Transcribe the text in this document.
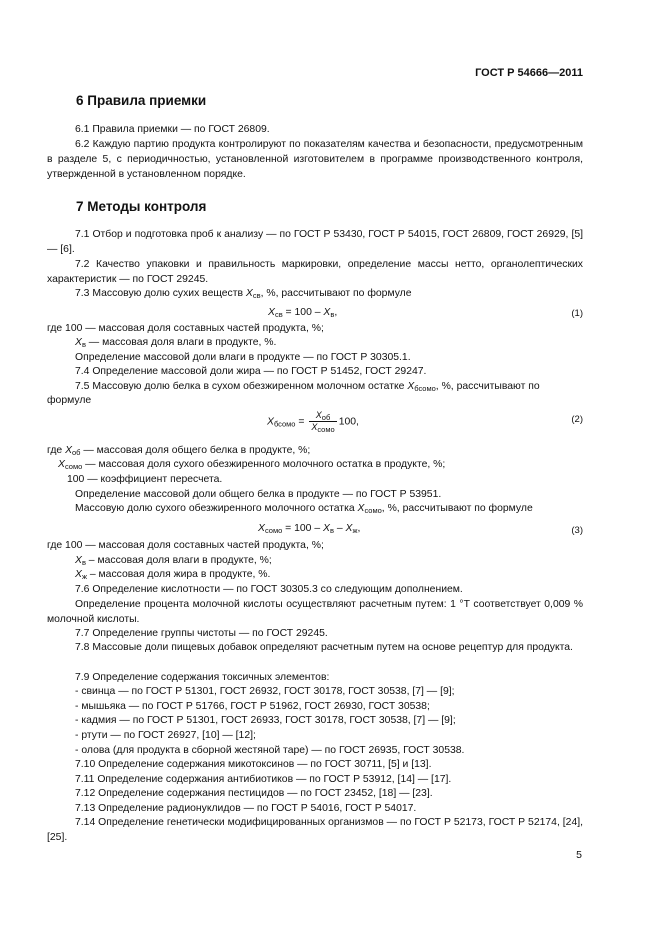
ГОСТ Р 54666—2011
6 Правила приемки
6.1 Правила приемки — по ГОСТ 26809.
6.2 Каждую партию продукта контролируют по показателям качества и безопасности, предусмотренным в разделе 5, с периодичностью, установленной изготовителем в программе производственного контроля, утвержденной в установленном порядке.
7 Методы контроля
7.1 Отбор и подготовка проб к анализу — по ГОСТ Р 53430, ГОСТ Р 54015, ГОСТ 26809, ГОСТ 26929, [5] — [6].
7.2 Качество упаковки и правильность маркировки, определение массы нетто, органолептических характеристик — по ГОСТ 29245.
7.3 Массовую долю сухих веществ $X_{св}$, %, рассчитывают по формуле
$X_{св} = 100 - X_в$,	(1)
где 100 — массовая доля составных частей продукта, %;
$X_в$ — массовая доля влаги в продукте, %.
Определение массовой доли влаги в продукте — по ГОСТ Р 30305.1.
7.4 Определение массовой доли жира — по ГОСТ Р 51452, ГОСТ 29247.
7.5 Массовую долю белка в сухом обезжиренном молочном остатке $X_{бсомо}$, %, рассчитывают по
формуле
$X_{бсомо} = \frac{X_{об}}{X_{сомо}} 100$,	(2)
где $X_{об}$ — массовая доля общего белка в продукте, %;
$X_{сомо}$ — массовая доля сухого обезжиренного молочного остатка в продукте, %;
100 — коэффициент пересчета.
Определение массовой доли общего белка в продукте — по ГОСТ Р 53951.
Массовую долю сухого обезжиренного молочного остатка $X_{сомо}$, %, рассчитывают по формуле
$X_{сомо} = 100 - X_в - X_ж$,	(3)
где 100 — массовая доля составных частей продукта, %;
$X_в$ – массовая доля влаги в продукте, %;
$X_ж$ – массовая доля жира в продукте, %.
7.6 Определение кислотности — по ГОСТ 30305.3 со следующим дополнением.
Определение процента молочной кислоты осуществляют расчетным путем: 1 °Т соответствует 0,009 % молочной кислоты.
7.7 Определение группы чистоты — по ГОСТ 29245.
7.8 Массовые доли пищевых добавок определяют расчетным путем на основе рецептур для продукта.
7.9 Определение содержания токсичных элементов:
- свинца — по ГОСТ Р 51301, ГОСТ 26932, ГОСТ 30178, ГОСТ 30538, [7] — [9];
- мышьяка — по ГОСТ Р 51766, ГОСТ Р 51962, ГОСТ 26930, ГОСТ 30538;
- кадмия — по ГОСТ Р 51301, ГОСТ 26933, ГОСТ 30178, ГОСТ 30538, [7] — [9];
- ртути — по ГОСТ 26927, [10] — [12];
- олова (для продукта в сборной жестяной таре) — по ГОСТ 26935, ГОСТ 30538.
7.10 Определение содержания микотоксинов — по ГОСТ 30711, [5] и [13].
7.11 Определение содержания антибиотиков — по ГОСТ Р 53912, [14] — [17].
7.12 Определение содержания пестицидов — по ГОСТ 23452, [18] — [23].
7.13 Определение радионуклидов — по ГОСТ Р 54016, ГОСТ Р 54017.
7.14 Определение генетически модифицированных организмов — по ГОСТ Р 52173, ГОСТ Р 52174, [24], [25].
5
